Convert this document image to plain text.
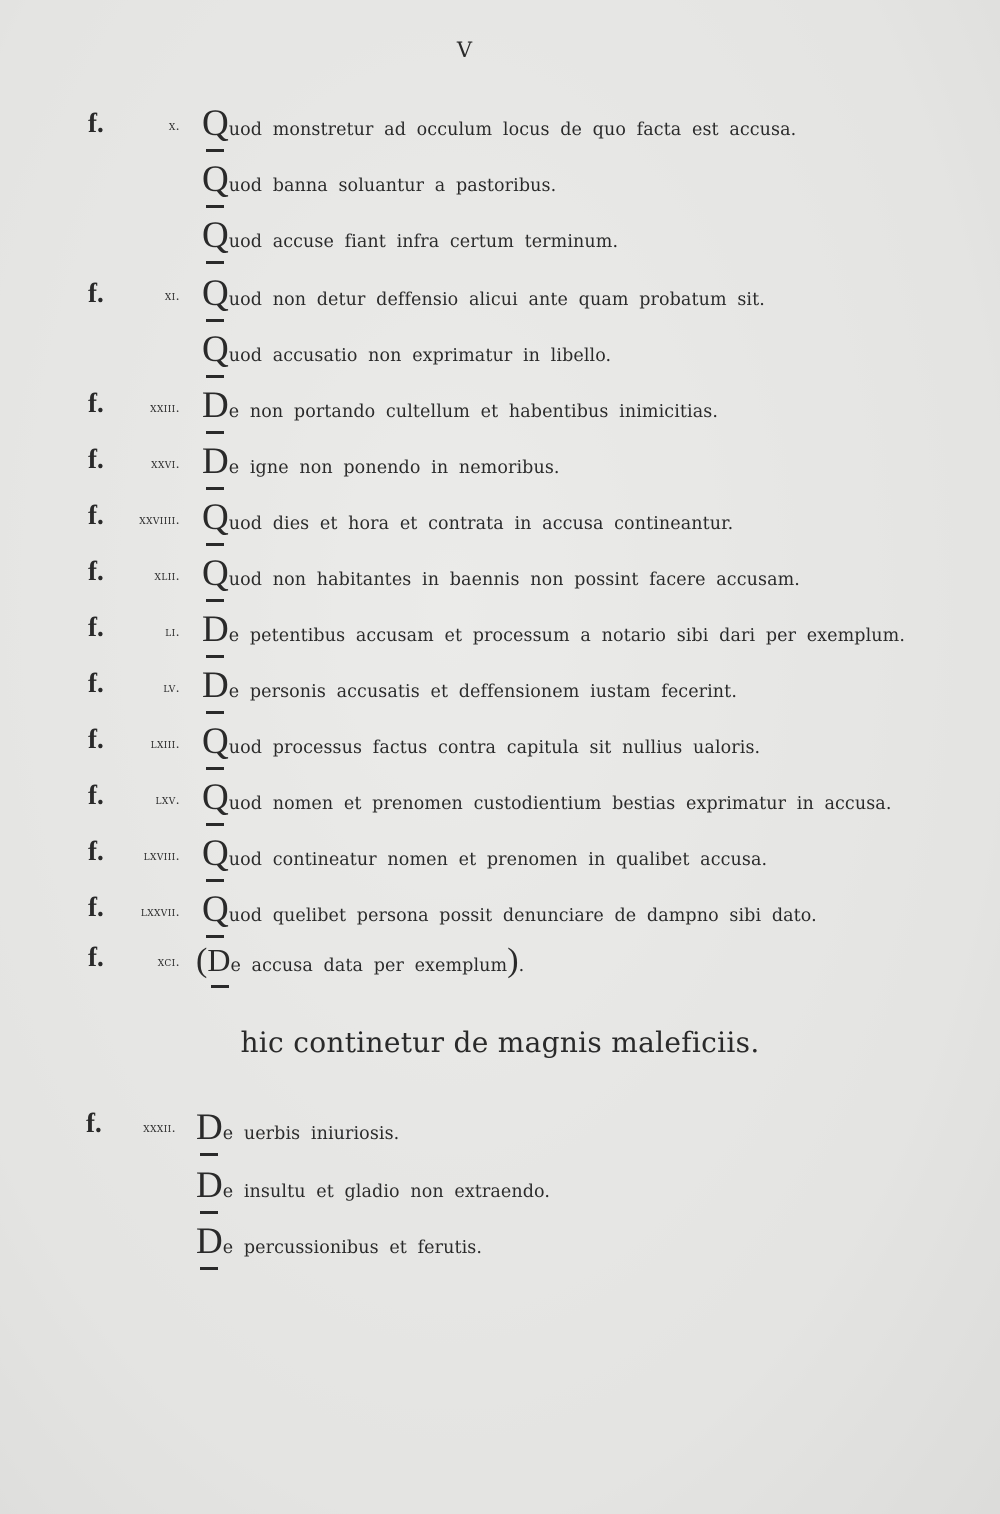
V
f.	x. Quod monstretur ad occulum locus de quo facta est accusa.
Quod banna soluantur a pastoribus.
Quod accuse fiant infra certum terminum.
f.	xi. Quod non detur deffensio alicui ante quam probatum sit.
Quod accusatio non exprimatur in libello.
f.	xxiii. De non portando cultellum et habentibus inimicitias.
f.	xxvi. De igne non ponendo in nemoribus.
f.	xxviiii. Quod dies et hora et contrata in accusa contineantur.
f.	xlii. Quod non habitantes in baennis non possint facere accusam.
f.	li. De petentibus accusam et processum a notario sibi dari per exemplum.
f.	lv. De personis accusatis et deffensionem iustam fecerint.
f.	lxiii. Quod processus factus contra capitula sit nullius ualoris.
f.	lxv. Quod nomen et prenomen custodientium bestias exprimatur in accusa.
f.	lxviii. Quod contineatur nomen et prenomen in qualibet accusa.
f.	lxxvii. Quod quelibet persona possit denunciare de dampno sibi dato.
f.	xci. (De accusa data per exemplum).
hic continetur de magnis maleficiis.
f.	xxxii. De uerbis iniuriosis.
De insultu et gladio non extraendo.
De percussionibus et ferutis.
